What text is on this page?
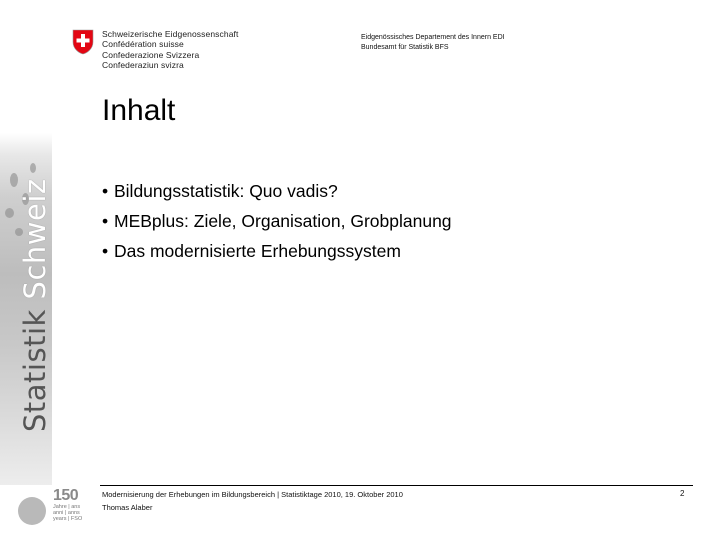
Schweizerische Eidgenossenschaft
Confédération suisse
Confederazione Svizzera
Confederaziun svizra
Eidgenössisches Departement des Innern EDI
Bundesamt für Statistik BFS
Statistik Schweiz
Inhalt
• Bildungsstatistik: Quo vadis?
• MEBplus: Ziele, Organisation, Grobplanung
• Das modernisierte Erhebungssystem
Modernisierung der Erhebungen im Bildungsbereich | Statistiktage 2010, 19. Oktober 2010
Thomas Alaber
2
150
Jahre | ans
anni | anns
years | FSO
